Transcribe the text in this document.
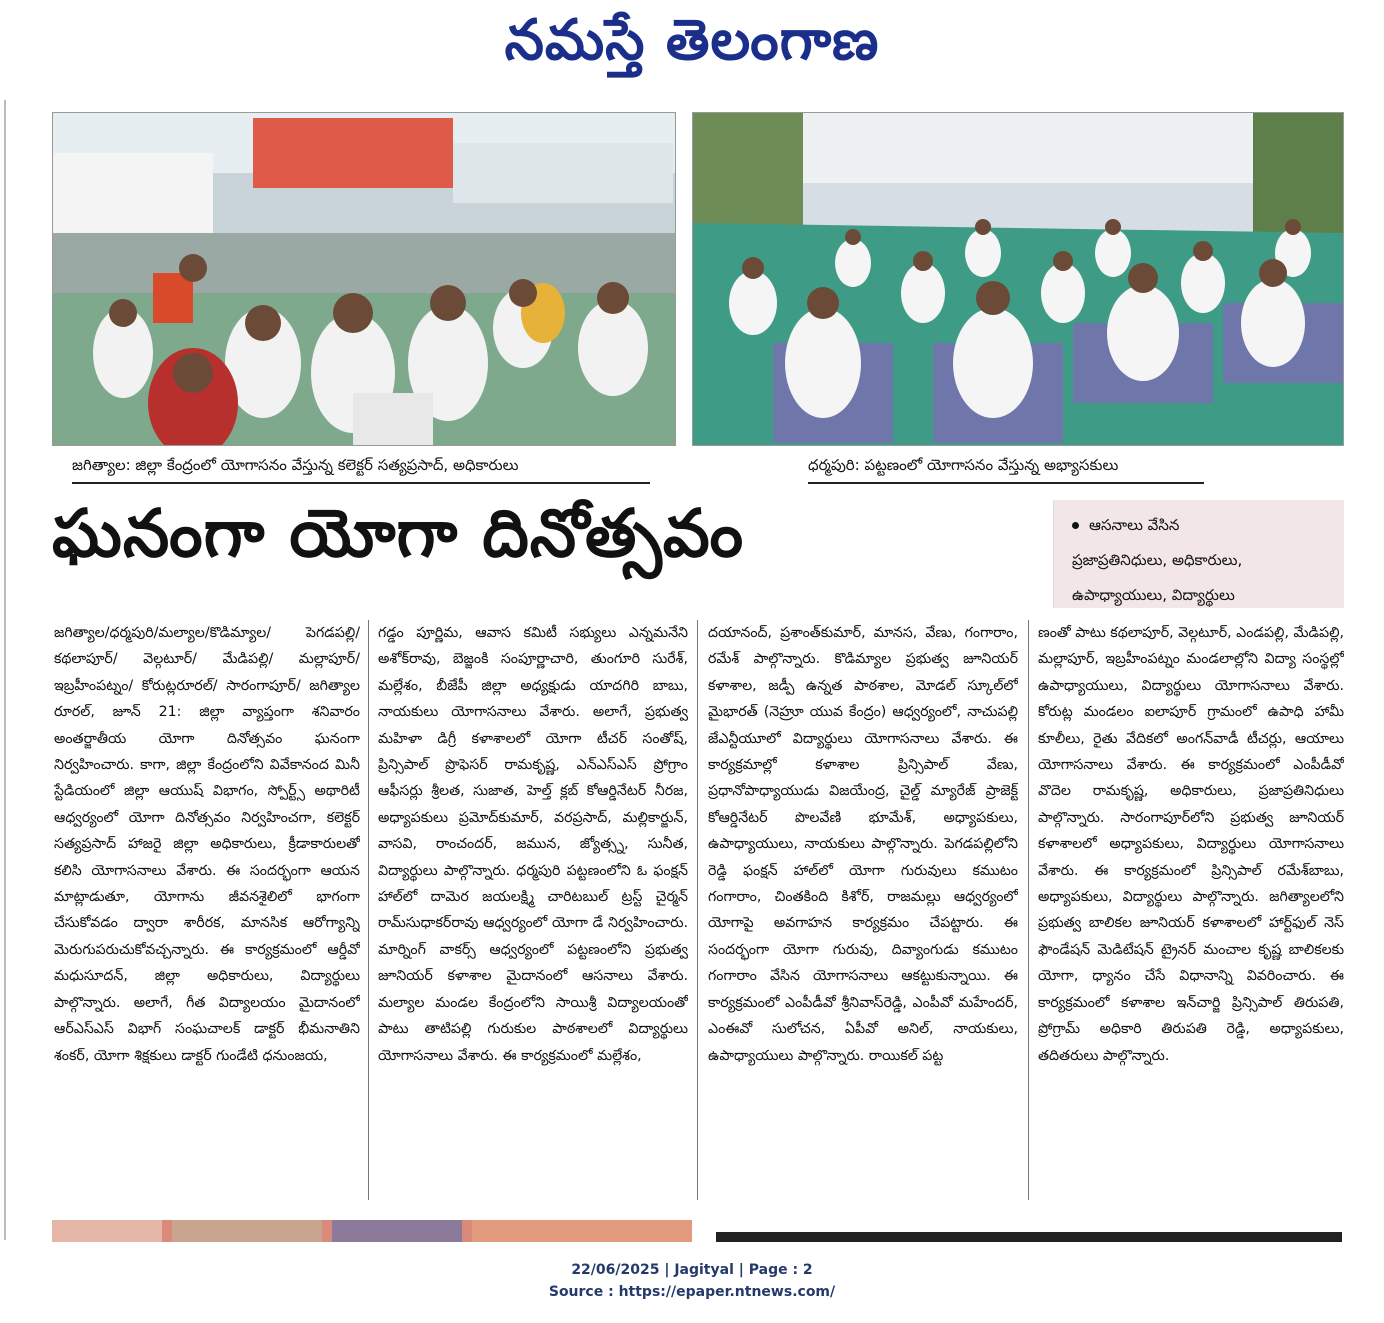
నమస్తే తెలంగాణ
జగిత్యాల: జిల్లా కేంద్రంలో యోగాసనం వేస్తున్న కలెక్టర్ సత్యప్రసాద్, అధికారులు	ధర్మపురి: పట్టణంలో యోగాసనం వేస్తున్న అభ్యాసకులు
ఘనంగా యోగా దినోత్సవం	ఆసనాలు వేసిన
ప్రజాప్రతినిధులు, అధికారులు,
ఉపాధ్యాయులు, విద్యార్థులు

జగిత్యాల/ధర్మపురి/మల్యాల/కొడిమ్యాల/ పెగడపల్లి/ కథలాపూర్/ వెల్గటూర్/ మేడిపల్లి/ మల్లాపూర్/ ఇబ్రహీంపట్నం/ కోరుట్లరూరల్/ సారంగాపూర్/ జగిత్యాల రూరల్, జూన్ 21: జిల్లా వ్యాప్తంగా శనివారం అంతర్జాతీయ యోగా దినోత్సవం ఘనంగా నిర్వహించారు. కాగా, జిల్లా కేంద్రంలోని వివేకానంద మినీ స్టేడియంలో జిల్లా ఆయుష్ విభాగం, స్పోర్ట్స్ అథారిటీ ఆధ్వర్యంలో యోగా దినోత్సవం నిర్వహించగా, కలెక్టర్ సత్యప్రసాద్ హాజరై జిల్లా అధికారులు, క్రీడాకారులతో కలిసి యోగాసనాలు వేశారు. ఈ సందర్భంగా ఆయన మాట్లాడుతూ, యోగాను జీవనశైలిలో భాగంగా చేసుకోవడం ద్వారా శారీరక, మానసిక ఆరోగ్యాన్ని మెరుగుపరుచుకోవచ్చన్నారు. ఈ కార్యక్రమంలో ఆర్డీవో మధుసూదన్, జిల్లా అధికారులు, విద్యార్థులు పాల్గొన్నారు. అలాగే, గీత విద్యాలయం మైదానంలో ఆర్ఎస్ఎస్ విభాగ్ సంఘచాలక్ డాక్టర్ భీమనాతిని శంకర్, యోగా శిక్షకులు డాక్టర్ గుండేటి ధనుంజయ,

గడ్డం పూర్ణిమ, ఆవాస కమిటీ సభ్యులు ఎన్నమనేని అశోక్‌రావు, బెజ్జంకి సంపూర్ణాచారి, తుంగూరి సురేశ్, మల్లేశం, బీజేపీ జిల్లా అధ్యక్షుడు యాదగిరి బాబు, నాయకులు యోగాసనాలు వేశారు. అలాగే, ప్రభుత్వ మహిళా డిగ్రీ కళాశాలలో యోగా టీచర్ సంతోష్, ప్రిన్సిపాల్ ప్రొఫెసర్ రామకృష్ణ, ఎన్ఎస్ఎస్ ప్రోగ్రాం ఆఫీసర్లు శ్రీలత, సుజాత, హెల్త్ క్లబ్ కోఆర్డినేటర్ నీరజ, అధ్యాపకులు ప్రమోద్‌కుమార్, వరప్రసాద్, మల్లికార్జున్, వాసవి, రాంచందర్, జమున, జ్యోత్స్న, సునీత, విద్యార్థులు పాల్గొన్నారు. ధర్మపురి పట్టణంలోని ఓ ఫంక్షన్ హాల్‌లో దామెర జయలక్ష్మి చారిటబుల్ ట్రస్ట్ చైర్మన్ రామ్‌సుధాకర్‌రావు ఆధ్వర్యంలో యోగా డే నిర్వహించారు. మార్నింగ్ వాకర్స్ ఆధ్వర్యంలో పట్టణంలోని ప్రభుత్వ జూనియర్ కళాశాల మైదానంలో ఆసనాలు వేశారు. మల్యాల మండల కేంద్రంలోని సాయిశ్రీ విద్యాలయంతో పాటు తాటిపల్లి గురుకుల పాఠశాలలో విద్యార్థులు యోగాసనాలు వేశారు. ఈ కార్యక్రమంలో మల్లేశం,

దయానంద్, ప్రశాంత్‌కుమార్, మానస, వేణు, గంగారాం, రమేశ్ పాల్గొన్నారు. కొడిమ్యాల ప్రభుత్వ జూనియర్ కళాశాల, జడ్పీ ఉన్నత పాఠశాల, మోడల్ స్కూల్‌లో మైభారత్ (నెహ్రూ యువ కేంద్రం) ఆధ్వర్యంలో, నాచుపల్లి జేఎన్టీయూలో విద్యార్థులు యోగాసనాలు వేశారు. ఈ కార్యక్రమాల్లో కళాశాల ప్రిన్సిపాల్ వేణు, ప్రధానోపాధ్యాయుడు విజయేంద్ర, చైల్డ్ మ్యారేజ్ ప్రాజెక్ట్ కోఆర్డినేటర్ పొలవేణి భూమేశ్, అధ్యాపకులు, ఉపాధ్యాయులు, నాయకులు పాల్గొన్నారు. పెగడపల్లిలోని రెడ్డి ఫంక్షన్ హాల్‌లో యోగా గురువులు కముటం గంగారాం, చింతకింది కిశోర్, రాజమల్లు ఆధ్వర్యంలో యోగాపై అవగాహన కార్యక్రమం చేపట్టారు. ఈ సందర్భంగా యోగా గురువు, దివ్యాంగుడు కముటం గంగారాం వేసిన యోగాసనాలు ఆకట్టుకున్నాయి. ఈ కార్యక్రమంలో ఎంపీడీవో శ్రీనివాస్‌రెడ్డి, ఎంపీవో మహేందర్, ఎంఈవో సులోచన, ఏపీవో అనిల్, నాయకులు, ఉపాధ్యాయులు పాల్గొన్నారు. రాయికల్ పట్ట

ణంతో పాటు కథలాపూర్, వెల్గటూర్, ఎండపల్లి, మేడిపల్లి, మల్లాపూర్, ఇబ్రహీంపట్నం మండలాల్లోని విద్యా సంస్థల్లో ఉపాధ్యాయులు, విద్యార్థులు యోగాసనాలు వేశారు. కోరుట్ల మండలం ఐలాపూర్ గ్రామంలో ఉపాధి హామీ కూలీలు, రైతు వేదికలో అంగన్‌వాడీ టీచర్లు, ఆయాలు యోగాసనాలు వేశారు. ఈ కార్యక్రమంలో ఎంపీడీవో వొదెల రామకృష్ణ, అధికారులు, ప్రజాప్రతినిధులు పాల్గొన్నారు. సారంగాపూర్‌లోని ప్రభుత్వ జూనియర్ కళాశాలలో అధ్యాపకులు, విద్యార్థులు యోగాసనాలు వేశారు. ఈ కార్యక్రమంలో ప్రిన్సిపాల్ రమేశ్‌బాబు, అధ్యాపకులు, విద్యార్థులు పాల్గొన్నారు. జగిత్యాలలోని ప్రభుత్వ బాలికల జూనియర్ కళాశాలలో హార్ట్‌ఫుల్ నెస్ ఫౌండేషన్ మెడిటేషన్ ట్రైనర్ మంచాల కృష్ణ బాలికలకు యోగా, ధ్యానం చేసే విధానాన్ని వివరించారు. ఈ కార్యక్రమంలో కళాశాల ఇన్‌చార్జి ప్రిన్సిపాల్ తిరుపతి, ప్రోగ్రామ్ అధికారి తిరుపతి రెడ్డి, అధ్యాపకులు, తదితరులు పాల్గొన్నారు.

22/06/2025 | Jagityal | Page : 2
Source : https://epaper.ntnews.com/
